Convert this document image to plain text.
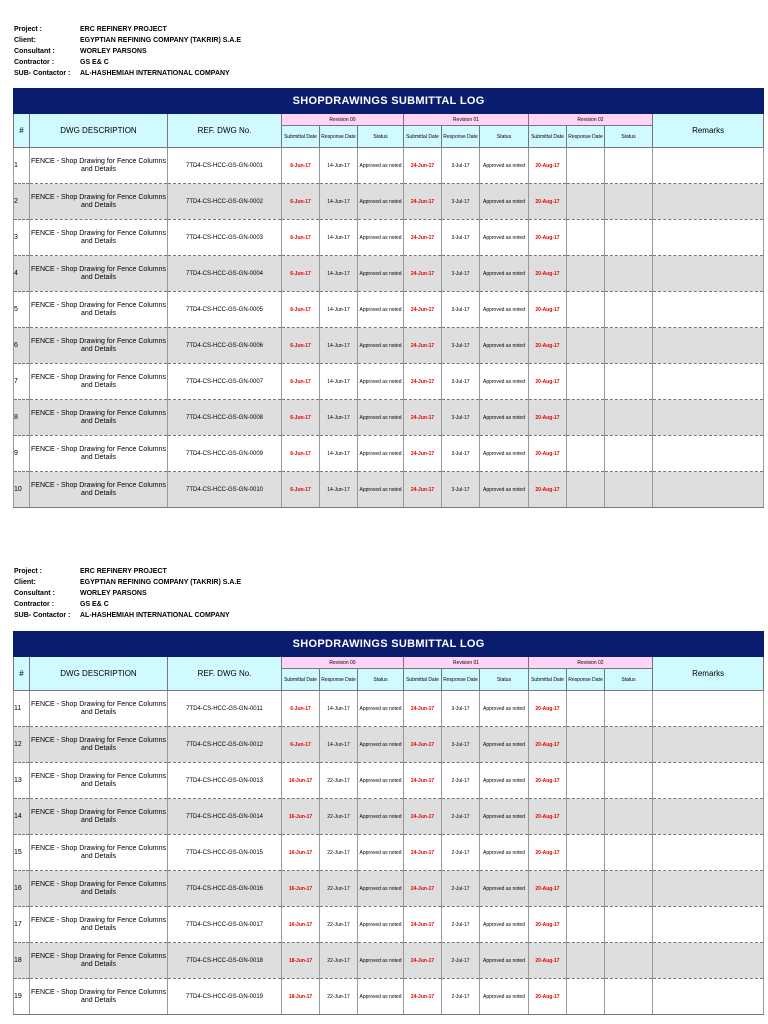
Project :	ERC REFINERY PROJECT
Client:	EGYPTIAN REFINING COMPANY (TAKRIR) S.A.E
Consultant :	WORLEY PARSONS
Contractor :	GS E& C
SUB- Contactor :	AL-HASHEMIAH INTERNATIONAL COMPANY
SHOPDRAWINGS SUBMITTAL LOG												
#	DWG DESCRIPTION	REF. DWG No.	Revision 00			Revision 01			Revision 02			Remarks
			Submittal Date	Response Date	Status	Submittal Date	Response Date	Status	Submittal Date	Response Date	Status	
1	FENCE - Shop Drawing for Fence Columns and Details	7TD4-CS-HCC-GS-GN-0001	6-Jun-17	14-Jun-17	Approved as noted	24-Jun-17	3-Jul-17	Approved as noted	20-Aug-17			
2	FENCE - Shop Drawing for Fence Columns and Details	7TD4-CS-HCC-GS-GN-0002	6-Jun-17	14-Jun-17	Approved as noted	24-Jun-17	3-Jul-17	Approved as noted	20-Aug-17			
3	FENCE - Shop Drawing for Fence Columns and Details	7TD4-CS-HCC-GS-GN-0003	6-Jun-17	14-Jun-17	Approved as noted	24-Jun-17	3-Jul-17	Approved as noted	20-Aug-17			
4	FENCE - Shop Drawing for Fence Columns and Details	7TD4-CS-HCC-GS-GN-0004	6-Jun-17	14-Jun-17	Approved as noted	24-Jun-17	3-Jul-17	Approved as noted	20-Aug-17			
5	FENCE - Shop Drawing for Fence Columns and Details	7TD4-CS-HCC-GS-GN-0005	6-Jun-17	14-Jun-17	Approved as noted	24-Jun-17	3-Jul-17	Approved as noted	20-Aug-17			
6	FENCE - Shop Drawing for Fence Columns and Details	7TD4-CS-HCC-GS-GN-0006	6-Jun-17	14-Jun-17	Approved as noted	24-Jun-17	3-Jul-17	Approved as noted	20-Aug-17			
7	FENCE - Shop Drawing for Fence Columns and Details	7TD4-CS-HCC-GS-GN-0007	6-Jun-17	14-Jun-17	Approved as noted	24-Jun-17	3-Jul-17	Approved as noted	20-Aug-17			
8	FENCE - Shop Drawing for Fence Columns and Details	7TD4-CS-HCC-GS-GN-0008	6-Jun-17	14-Jun-17	Approved as noted	24-Jun-17	3-Jul-17	Approved as noted	20-Aug-17			
9	FENCE - Shop Drawing for Fence Columns and Details	7TD4-CS-HCC-GS-GN-0009	6-Jun-17	14-Jun-17	Approved as noted	24-Jun-17	3-Jul-17	Approved as noted	20-Aug-17			
10	FENCE - Shop Drawing for Fence Columns and Details	7TD4-CS-HCC-GS-GN-0010	6-Jun-17	14-Jun-17	Approved as noted	24-Jun-17	3-Jul-17	Approved as noted	20-Aug-17			
Project :	ERC REFINERY PROJECT
Client:	EGYPTIAN REFINING COMPANY (TAKRIR) S.A.E
Consultant :	WORLEY PARSONS
Contractor :	GS E& C
SUB- Contactor :	AL-HASHEMIAH INTERNATIONAL COMPANY
SHOPDRAWINGS SUBMITTAL LOG												
#	DWG DESCRIPTION	REF. DWG No.	Revision 00			Revision 01			Revision 02			Remarks
			Submittal Date	Response Date	Status	Submittal Date	Response Date	Status	Submittal Date	Response Date	Status	
11	FENCE - Shop Drawing for Fence Columns and Details	7TD4-CS-HCC-GS-GN-0011	6-Jun-17	14-Jun-17	Approved as noted	24-Jun-17	3-Jul-17	Approved as noted	20-Aug-17			
12	FENCE - Shop Drawing for Fence Columns and Details	7TD4-CS-HCC-GS-GN-0012	6-Jun-17	14-Jun-17	Approved as noted	24-Jun-17	3-Jul-17	Approved as noted	20-Aug-17			
13	FENCE - Shop Drawing for Fence Columns and Details	7TD4-CS-HCC-GS-GN-0013	16-Jun-17	22-Jun-17	Approved as noted	24-Jun-17	2-Jul-17	Approved as noted	20-Aug-17			
14	FENCE - Shop Drawing for Fence Columns and Details	7TD4-CS-HCC-GS-GN-0014	16-Jun-17	22-Jun-17	Approved as noted	24-Jun-17	2-Jul-17	Approved as noted	20-Aug-17			
15	FENCE - Shop Drawing for Fence Columns and Details	7TD4-CS-HCC-GS-GN-0015	16-Jun-17	22-Jun-17	Approved as noted	24-Jun-17	2-Jul-17	Approved as noted	20-Aug-17			
16	FENCE - Shop Drawing for Fence Columns and Details	7TD4-CS-HCC-GS-GN-0016	16-Jun-17	22-Jun-17	Approved as noted	24-Jun-17	2-Jul-17	Approved as noted	20-Aug-17			
17	FENCE - Shop Drawing for Fence Columns and Details	7TD4-CS-HCC-GS-GN-0017	16-Jun-17	22-Jun-17	Approved as noted	24-Jun-17	2-Jul-17	Approved as noted	20-Aug-17			
18	FENCE - Shop Drawing for Fence Columns and Details	7TD4-CS-HCC-GS-GN-0018	18-Jun-17	22-Jun-17	Approved as noted	24-Jun-17	2-Jul-17	Approved as noted	20-Aug-17			
19	FENCE - Shop Drawing for Fence Columns and Details	7TD4-CS-HCC-GS-GN-0019	18-Jun-17	22-Jun-17	Approved as noted	24-Jun-17	2-Jul-17	Approved as noted	20-Aug-17			
